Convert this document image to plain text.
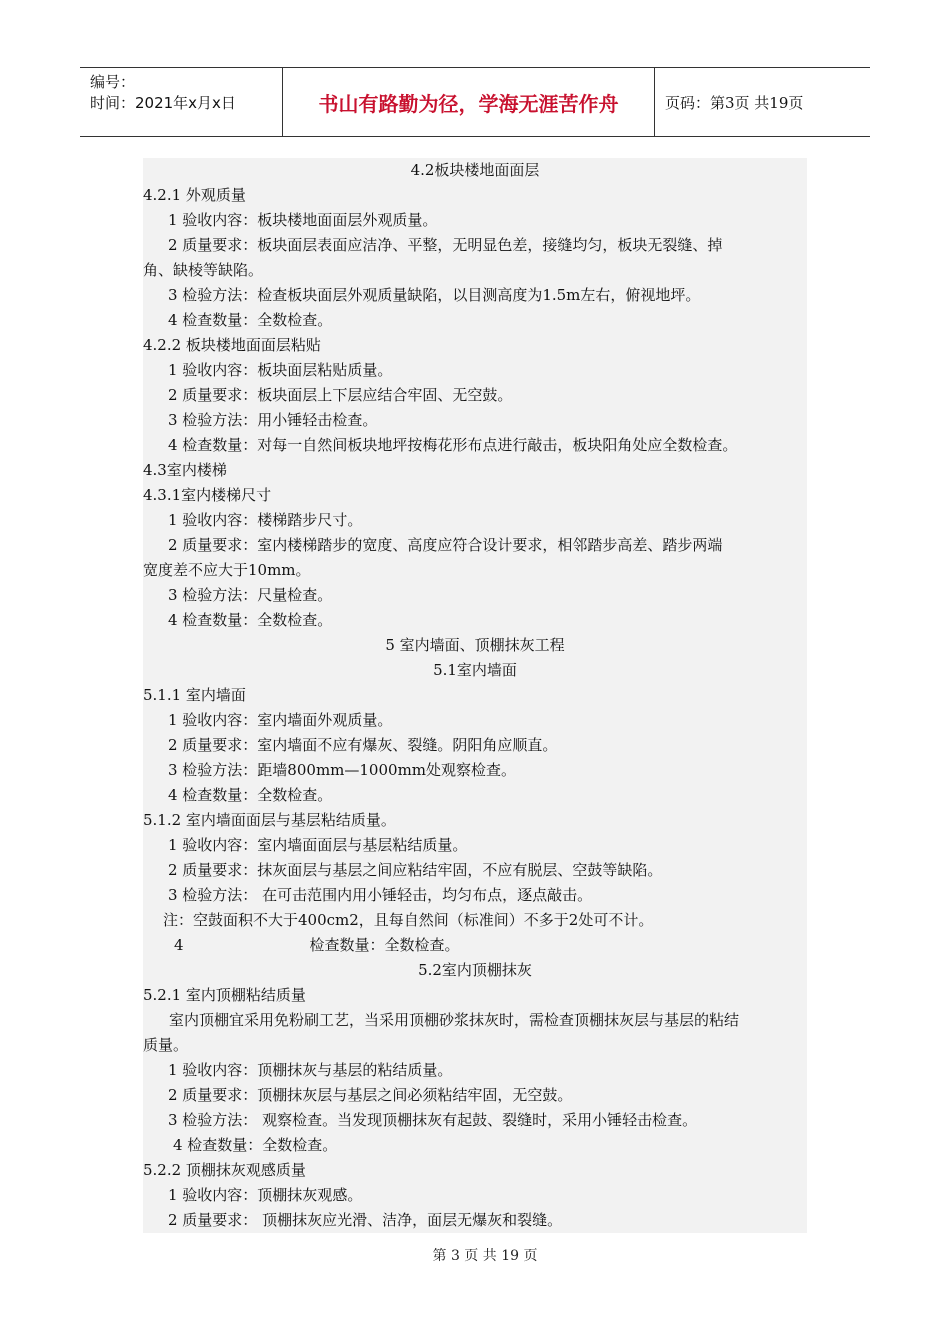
编号：
时间：2021年x月x日	书山有路勤为径，学海无涯苦作舟	页码：第3页 共19页
4.2板块楼地面面层
4.2.1 外观质量
1 验收内容：板块楼地面面层外观质量。
2 质量要求：板块面层表面应洁净、平整，无明显色差，接缝均匀，板块无裂缝、掉
角、缺棱等缺陷。
3 检验方法：检查板块面层外观质量缺陷，以目测高度为1.5m左右，俯视地坪。
4 检查数量：全数检查。
4.2.2 板块楼地面面层粘贴
1 验收内容：板块面层粘贴质量。
2 质量要求：板块面层上下层应结合牢固、无空鼓。
3 检验方法：用小锤轻击检查。
4 检查数量：对每一自然间板块地坪按梅花形布点进行敲击，板块阳角处应全数检查。
4.3室内楼梯
4.3.1室内楼梯尺寸
1 验收内容：楼梯踏步尺寸。
2 质量要求：室内楼梯踏步的宽度、高度应符合设计要求，相邻踏步高差、踏步两端
宽度差不应大于10mm。
3 检验方法：尺量检查。
4 检查数量：全数检查。
5 室内墙面、顶棚抹灰工程
5.1室内墙面
5.1.1 室内墙面
1 验收内容：室内墙面外观质量。
2 质量要求：室内墙面不应有爆灰、裂缝。阴阳角应顺直。
3 检验方法：距墙800mm—1000mm处观察检查。
4 检查数量：全数检查。
5.1.2 室内墙面面层与基层粘结质量。
1 验收内容：室内墙面面层与基层粘结质量。
2 质量要求：抹灰面层与基层之间应粘结牢固，不应有脱层、空鼓等缺陷。
3 检验方法： 在可击范围内用小锤轻击，均匀布点，逐点敲击。
注：空鼓面积不大于400cm2，且每自然间（标准间）不多于2处可不计。
4	检查数量：全数检查。
5.2室内顶棚抹灰
5.2.1 室内顶棚粘结质量
室内顶棚宜采用免粉刷工艺，当采用顶棚砂浆抹灰时，需检查顶棚抹灰层与基层的粘结
质量。
1 验收内容：顶棚抹灰与基层的粘结质量。
2 质量要求：顶棚抹灰层与基层之间必须粘结牢固，无空鼓。
3 检验方法： 观察检查。当发现顶棚抹灰有起鼓、裂缝时，采用小锤轻击检查。
4 检查数量：全数检查。
5.2.2 顶棚抹灰观感质量
1 验收内容：顶棚抹灰观感。
2 质量要求： 顶棚抹灰应光滑、洁净，面层无爆灰和裂缝。
第 3 页 共 19 页
